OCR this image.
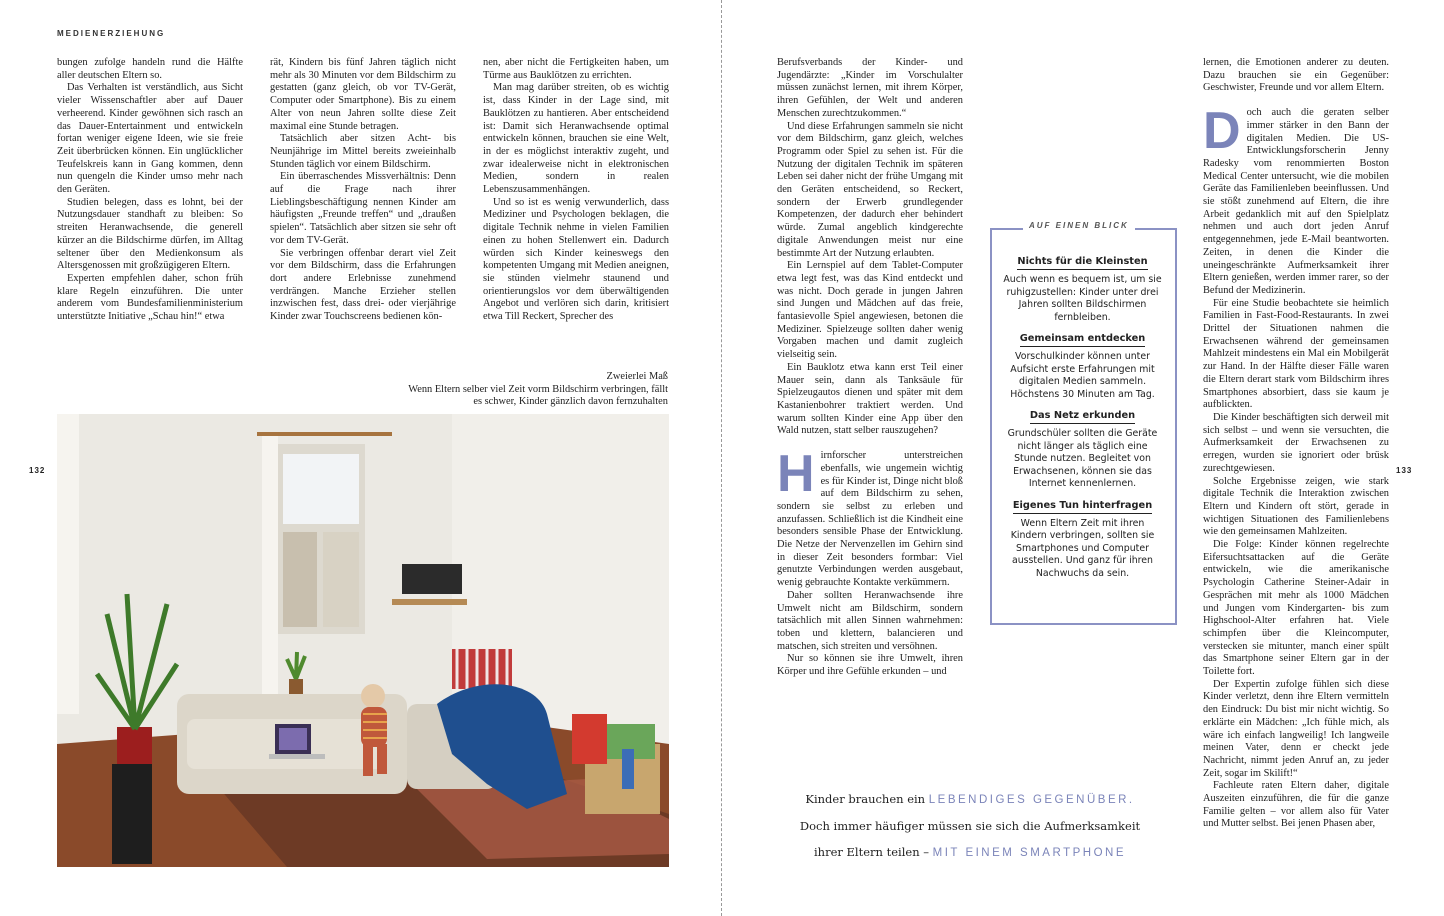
MEDIENERZIEHUNG

bungen zufolge handeln rund die Hälfte aller deutschen Eltern so.

Das Verhalten ist verständlich, aus Sicht vieler Wissenschaftler aber auf Dauer verheerend. Kinder gewöhnen sich rasch an das Dauer-Entertainment und entwickeln fortan weniger eigene Ideen, wie sie freie Zeit überbrücken können. Ein unglücklicher Teufelskreis kann in Gang kommen, denn nun quengeln die Kinder umso mehr nach den Geräten.

Studien belegen, dass es lohnt, bei der Nutzungsdauer standhaft zu bleiben: So streiten Heranwachsende, die generell kürzer an die Bildschirme dürfen, im Alltag seltener über den Medienkonsum als Altersgenossen mit großzügigeren Eltern.

Experten empfehlen daher, schon früh klare Regeln einzuführen. Die unter anderem vom Bundesfamilienministerium unterstützte Initiative „Schau hin!“ etwa

rät, Kindern bis fünf Jahren täglich nicht mehr als 30 Minuten vor dem Bildschirm zu gestatten (ganz gleich, ob vor TV-Gerät, Computer oder Smartphone). Bis zu einem Alter von neun Jahren sollte diese Zeit maximal eine Stunde betragen.

Tatsächlich aber sitzen Acht- bis Neunjährige im Mittel bereits zweieinhalb Stunden täglich vor einem Bildschirm.

Ein überraschendes Missverhältnis: Denn auf die Frage nach ihrer Lieblingsbeschäftigung nennen Kinder am häufigsten „Freunde treffen“ und „draußen spielen“. Tatsächlich aber sitzen sie sehr oft vor dem TV-Gerät.

Sie verbringen offenbar derart viel Zeit vor dem Bildschirm, dass die Erfahrungen dort andere Erlebnisse zunehmend verdrängen. Manche Erzieher stellen inzwischen fest, dass drei- oder vierjährige Kinder zwar Touchscreens bedienen kön-

nen, aber nicht die Fertigkeiten haben, um Türme aus Bauklötzen zu errichten.

Man mag darüber streiten, ob es wichtig ist, dass Kinder in der Lage sind, mit Bauklötzen zu hantieren. Aber entscheidend ist: Damit sich Heranwachsende optimal entwickeln können, brauchen sie eine Welt, in der es möglichst interaktiv zugeht, und zwar idealerweise nicht in elektronischen Medien, sondern in realen Lebenszusammenhängen.

Und so ist es wenig verwunderlich, dass Mediziner und Psychologen beklagen, die digitale Technik nehme in vielen Familien einen zu hohen Stellenwert ein. Dadurch würden sich Kinder keineswegs den kompetenten Umgang mit Medien aneignen, sie stünden vielmehr staunend und orientierungslos vor dem überwältigenden Angebot und verlören sich darin, kritisiert etwa Till Reckert, Sprecher des

Zweierlei Maß
Wenn Eltern selber viel Zeit vorm Bildschirm verbringen, fällt es schwer, Kinder gänzlich davon fernzuhalten
132

Berufsverbands der Kinder- und Jugendärzte: „Kinder im Vorschulalter müssen zunächst lernen, mit ihrem Körper, ihren Gefühlen, der Welt und anderen Menschen zurechtzukommen.“

Und diese Erfahrungen sammeln sie nicht vor dem Bildschirm, ganz gleich, welches Programm oder Spiel zu sehen ist. Für die Nutzung der digitalen Technik im späteren Leben sei daher nicht der frühe Umgang mit den Geräten entscheidend, so Reckert, sondern der Erwerb grundlegender Kompetenzen, der dadurch eher behindert würde. Zumal angeblich kindgerechte digitale Anwendungen meist nur eine bestimmte Art der Nutzung erlaubten.

Ein Lernspiel auf dem Tablet-Computer etwa legt fest, was das Kind entdeckt und was nicht. Doch gerade in jungen Jahren sind Jungen und Mädchen auf das freie, fantasievolle Spiel angewiesen, betonen die Mediziner. Spielzeuge sollten daher wenig Vorgaben machen und damit zugleich vielseitig sein.

Ein Bauklotz etwa kann erst Teil einer Mauer sein, dann als Tanksäule für Spielzeugautos dienen und später mit dem Kastanienbohrer traktiert werden. Und warum sollten Kinder eine App über den Wald nutzen, statt selber rauszugehen?

Hirnforscher unterstreichen ebenfalls, wie ungemein wichtig es für Kinder ist, Dinge nicht bloß auf dem Bildschirm zu sehen, sondern sie selbst zu erleben und anzufassen. Schließlich ist die Kindheit eine besonders sensible Phase der Entwicklung. Die Netze der Nervenzellen im Gehirn sind in dieser Zeit besonders formbar: Viel genutzte Verbindungen werden ausgebaut, wenig gebrauchte Kontakte verkümmern.

Daher sollten Heranwachsende ihre Umwelt nicht am Bildschirm, sondern tatsächlich mit allen Sinnen wahrnehmen: toben und klettern, balancieren und matschen, sich streiten und versöhnen.

Nur so können sie ihre Umwelt, ihren Körper und ihre Gefühle erkunden – und

AUF EINEN BLICK
Nichts für die Kleinsten
Auch wenn es bequem ist, um sie ruhigzustellen: Kinder unter drei Jahren sollten Bildschirmen fernbleiben.
Gemeinsam entdecken
Vorschulkinder können unter Aufsicht erste Erfahrungen mit digitalen Medien sammeln. Höchstens 30 Minuten am Tag.
Das Netz erkunden
Grundschüler sollten die Geräte nicht länger als täglich eine Stunde nutzen. Begleitet von Erwachsenen, können sie das Internet kennenlernen.
Eigenes Tun hinterfragen
Wenn Eltern Zeit mit ihren Kindern verbringen, sollten sie Smartphones und Computer ausstellen. Und ganz für ihren Nachwuchs da sein.

lernen, die Emotionen anderer zu deuten. Dazu brauchen sie ein Gegenüber: Geschwister, Freunde und vor allem Eltern.

Doch auch die geraten selber immer stärker in den Bann der digitalen Medien. Die US-Entwicklungsforscherin Jenny Radesky vom renommierten Boston Medical Center untersucht, wie die mobilen Geräte das Familienleben beeinflussen. Und sie stößt zunehmend auf Eltern, die ihre Arbeit gedanklich mit auf den Spielplatz nehmen und auch dort jeden Anruf entgegennehmen, jede E-Mail beantworten. Zeiten, in denen die Kinder die uneingeschränkte Aufmerksamkeit ihrer Eltern genießen, werden immer rarer, so der Befund der Medizinerin.

Für eine Studie beobachtete sie heimlich Familien in Fast-Food-Restaurants. In zwei Drittel der Situationen nahmen die Erwachsenen während der gemeinsamen Mahlzeit mindestens ein Mal ein Mobilgerät zur Hand. In der Hälfte dieser Fälle waren die Eltern derart stark vom Bildschirm ihres Smartphones absorbiert, dass sie kaum je aufblickten.

Die Kinder beschäftigten sich derweil mit sich selbst – und wenn sie versuchten, die Aufmerksamkeit der Erwachsenen zu erregen, wurden sie ignoriert oder brüsk zurechtgewiesen.

Solche Ergebnisse zeigen, wie stark digitale Technik die Interaktion zwischen Eltern und Kindern oft stört, gerade in wichtigen Situationen des Familienlebens wie den gemeinsamen Mahlzeiten.

Die Folge: Kinder können regelrechte Eifersuchtsattacken auf die Geräte entwickeln, wie die amerikanische Psychologin Catherine Steiner-Adair in Gesprächen mit mehr als 1000 Mädchen und Jungen vom Kindergarten- bis zum Highschool-Alter erfahren hat. Viele schimpfen über die Kleincomputer, verstecken sie mitunter, manch einer spült das Smartphone seiner Eltern gar in der Toilette fort.

Der Expertin zufolge fühlen sich diese Kinder verletzt, denn ihre Eltern vermitteln den Eindruck: Du bist mir nicht wichtig. So erklärte ein Mädchen: „Ich fühle mich, als wäre ich einfach langweilig! Ich langweile meinen Vater, denn er checkt jede Nachricht, nimmt jeden Anruf an, zu jeder Zeit, sogar im Skilift!“

Fachleute raten Eltern daher, digitale Auszeiten einzuführen, die für die ganze Familie gelten – vor allem also für Vater und Mutter selbst. Bei jenen Phasen aber,

133
Kinder brauchen ein LEBENDIGES GEGENÜBER.
Doch immer häufiger müssen sie sich die Aufmerksamkeit
ihrer Eltern teilen – MIT EINEM SMARTPHONE
